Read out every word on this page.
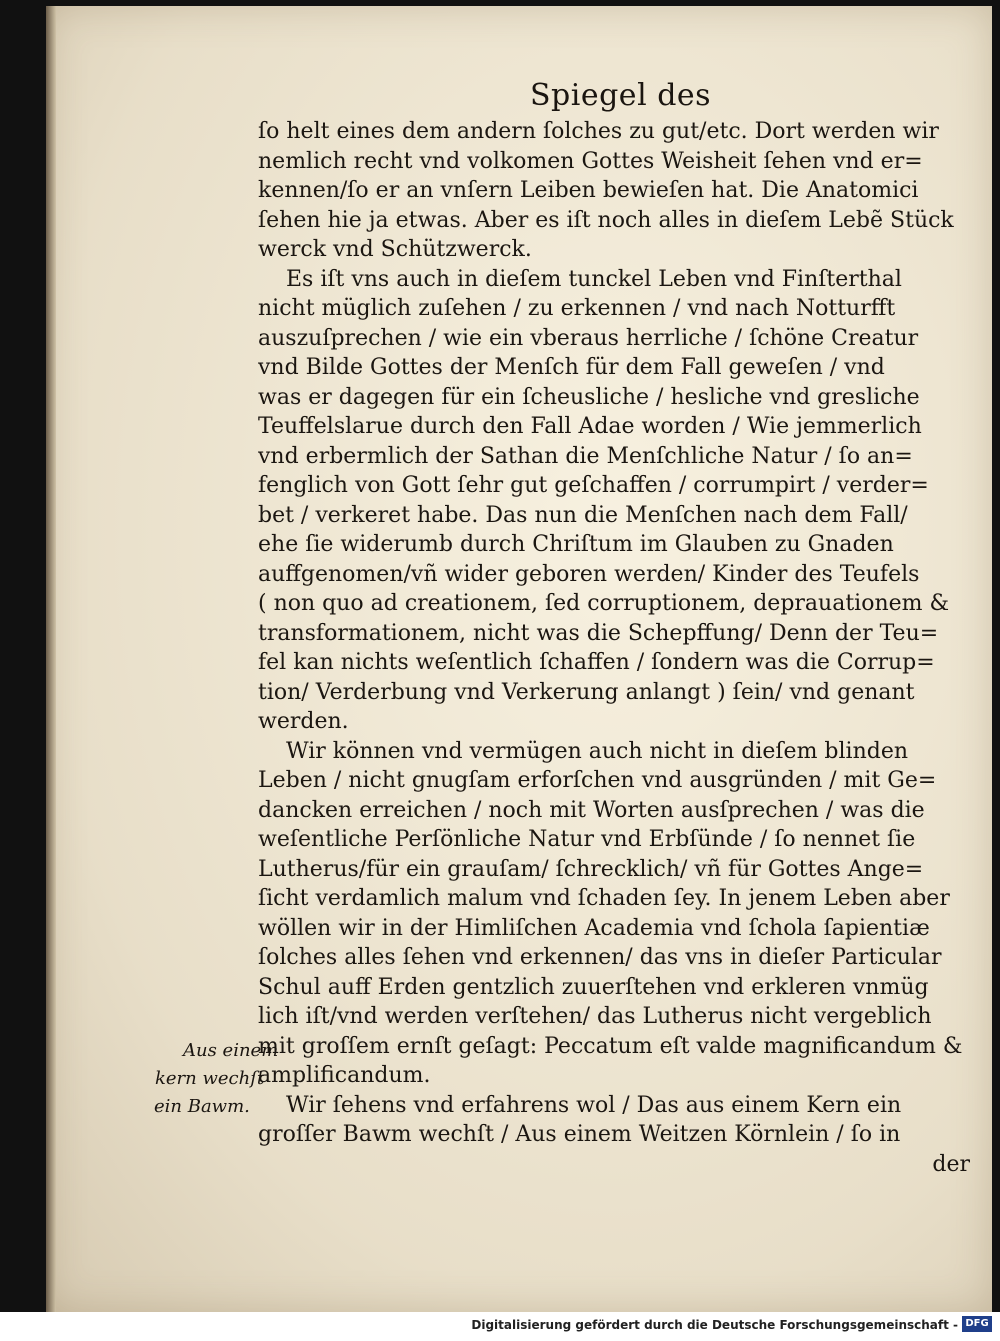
Spiegel des
ſo helt eines dem andern ſolches zu gut/etc. Dort werden wir
nemlich recht vnd volkomen Gottes Weisheit ſehen vnd er=
kennen/ſo er an vnſern Leiben bewieſen hat. Die Anatomici
ſehen hie ja etwas. Aber es iſt noch alles in dieſem Lebẽ Stück
werck vnd Schützwerck.
Es iſt vns auch in dieſem tunckel Leben vnd Finſterthal
nicht müglich zuſehen / zu erkennen / vnd nach Notturfft
auszuſprechen / wie ein vberaus herrliche / ſchöne Creatur
vnd Bilde Gottes der Menſch für dem Fall geweſen / vnd
was er dagegen für ein ſcheusliche / hesliche vnd gresliche
Teuffelslarue durch den Fall Adae worden / Wie jemmerlich
vnd erbermlich der Sathan die Menſchliche Natur / ſo an=
fenglich von Gott ſehr gut geſchaffen / corrumpirt / verder=
bet / verkeret habe. Das nun die Menſchen nach dem Fall/
ehe ſie widerumb durch Chriſtum im Glauben zu Gnaden
auffgenomen/vñ wider geboren werden/ Kinder des Teufels
( non quo ad creationem, ſed corruptionem, deprauationem &
transformationem, nicht was die Schepffung/ Denn der Teu=
fel kan nichts weſentlich ſchaffen / ſondern was die Corrup=
tion/ Verderbung vnd Verkerung anlangt ) ſein/ vnd genant
werden.
Wir können vnd vermügen auch nicht in dieſem blinden
Leben / nicht gnugſam erforſchen vnd ausgründen / mit Ge=
dancken erreichen / noch mit Worten ausſprechen / was die
weſentliche Perſönliche Natur vnd Erbſünde / ſo nennet ſie
Lutherus/für ein grauſam/ ſchrecklich/ vñ für Gottes Ange=
ſicht verdamlich malum vnd ſchaden ſey. In jenem Leben aber
wöllen wir in der Himliſchen Academia vnd ſchola ſapientiæ
ſolches alles ſehen vnd erkennen/ das vns in dieſer Particular
Schul auff Erden gentzlich zuuerſtehen vnd erkleren vnmüg
lich iſt/vnd werden verſtehen/ das Lutherus nicht vergeblich
mit groſſem ernſt geſagt: Peccatum eſt valde magnificandum &
amplificandum.
Wir ſehens vnd erfahrens wol / Das aus einem Kern ein
groſſer Bawm wechſt / Aus einem Weitzen Körnlein / ſo in
der
Aus einem
kern wechſt
ein Bawm.
Digitalisierung gefördert durch die Deutsche Forschungsgemeinschaft - DFG
